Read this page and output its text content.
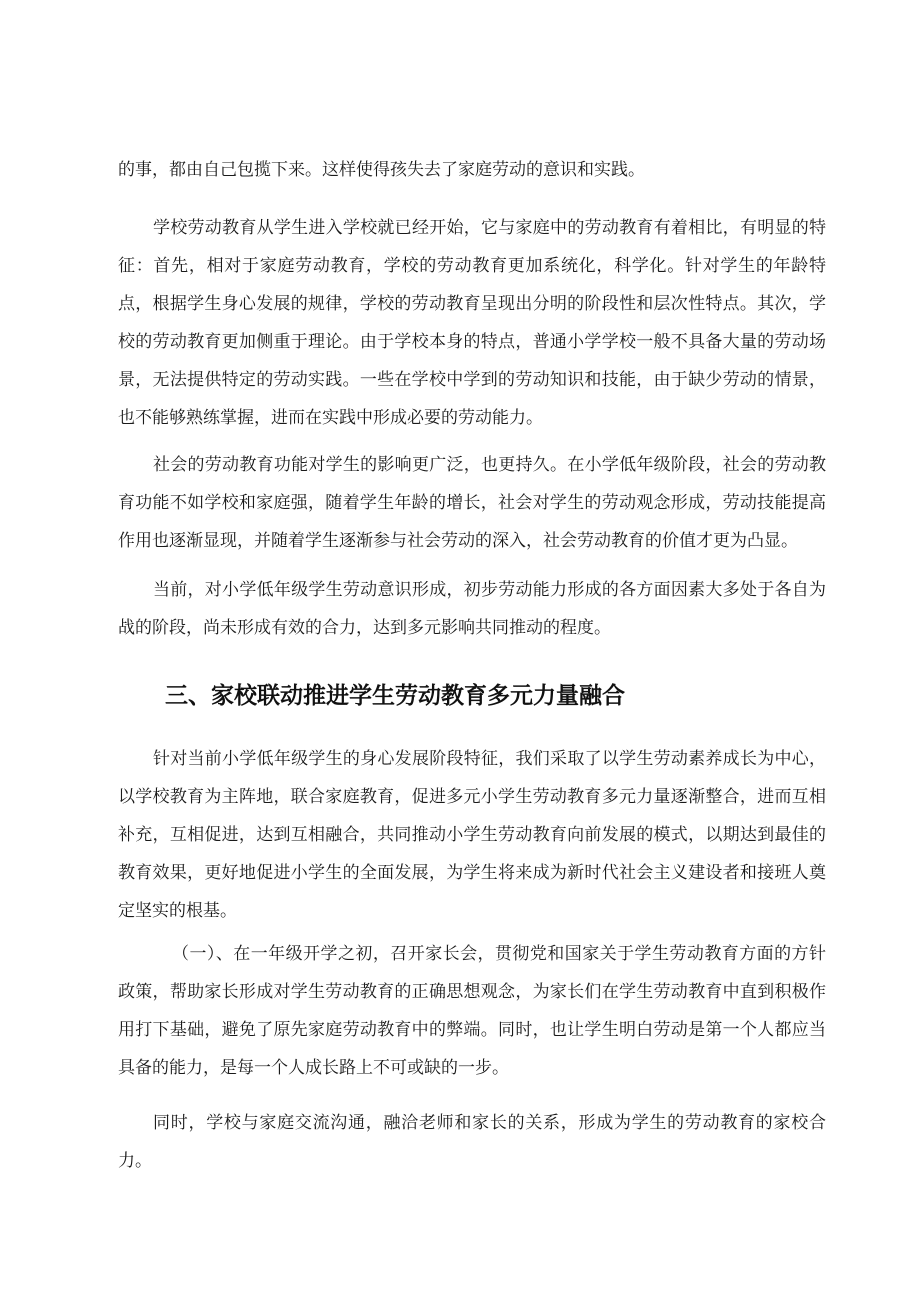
的事，都由自己包揽下来。这样使得孩失去了家庭劳动的意识和实践。

学校劳动教育从学生进入学校就已经开始，它与家庭中的劳动教育有着相比，有明显的特征：首先，相对于家庭劳动教育，学校的劳动教育更加系统化，科学化。针对学生的年龄特点，根据学生身心发展的规律，学校的劳动教育呈现出分明的阶段性和层次性特点。其次，学校的劳动教育更加侧重于理论。由于学校本身的特点，普通小学学校一般不具备大量的劳动场景，无法提供特定的劳动实践。一些在学校中学到的劳动知识和技能，由于缺少劳动的情景，也不能够熟练掌握，进而在实践中形成必要的劳动能力。

社会的劳动教育功能对学生的影响更广泛，也更持久。在小学低年级阶段，社会的劳动教育功能不如学校和家庭强，随着学生年龄的增长，社会对学生的劳动观念形成，劳动技能提高作用也逐渐显现，并随着学生逐渐参与社会劳动的深入，社会劳动教育的价值才更为凸显。

当前，对小学低年级学生劳动意识形成，初步劳动能力形成的各方面因素大多处于各自为战的阶段，尚未形成有效的合力，达到多元影响共同推动的程度。

三、家校联动推进学生劳动教育多元力量融合

针对当前小学低年级学生的身心发展阶段特征，我们采取了以学生劳动素养成长为中心，以学校教育为主阵地，联合家庭教育，促进多元小学生劳动教育多元力量逐渐整合，进而互相补充，互相促进，达到互相融合，共同推动小学生劳动教育向前发展的模式，以期达到最佳的教育效果，更好地促进小学生的全面发展，为学生将来成为新时代社会主义建设者和接班人奠定坚实的根基。

（一）、在一年级开学之初，召开家长会，贯彻党和国家关于学生劳动教育方面的方针政策，帮助家长形成对学生劳动教育的正确思想观念，为家长们在学生劳动教育中直到积极作用打下基础，避免了原先家庭劳动教育中的弊端。同时，也让学生明白劳动是第一个人都应当具备的能力，是每一个人成长路上不可或缺的一步。

同时，学校与家庭交流沟通，融洽老师和家长的关系，形成为学生的劳动教育的家校合力。
